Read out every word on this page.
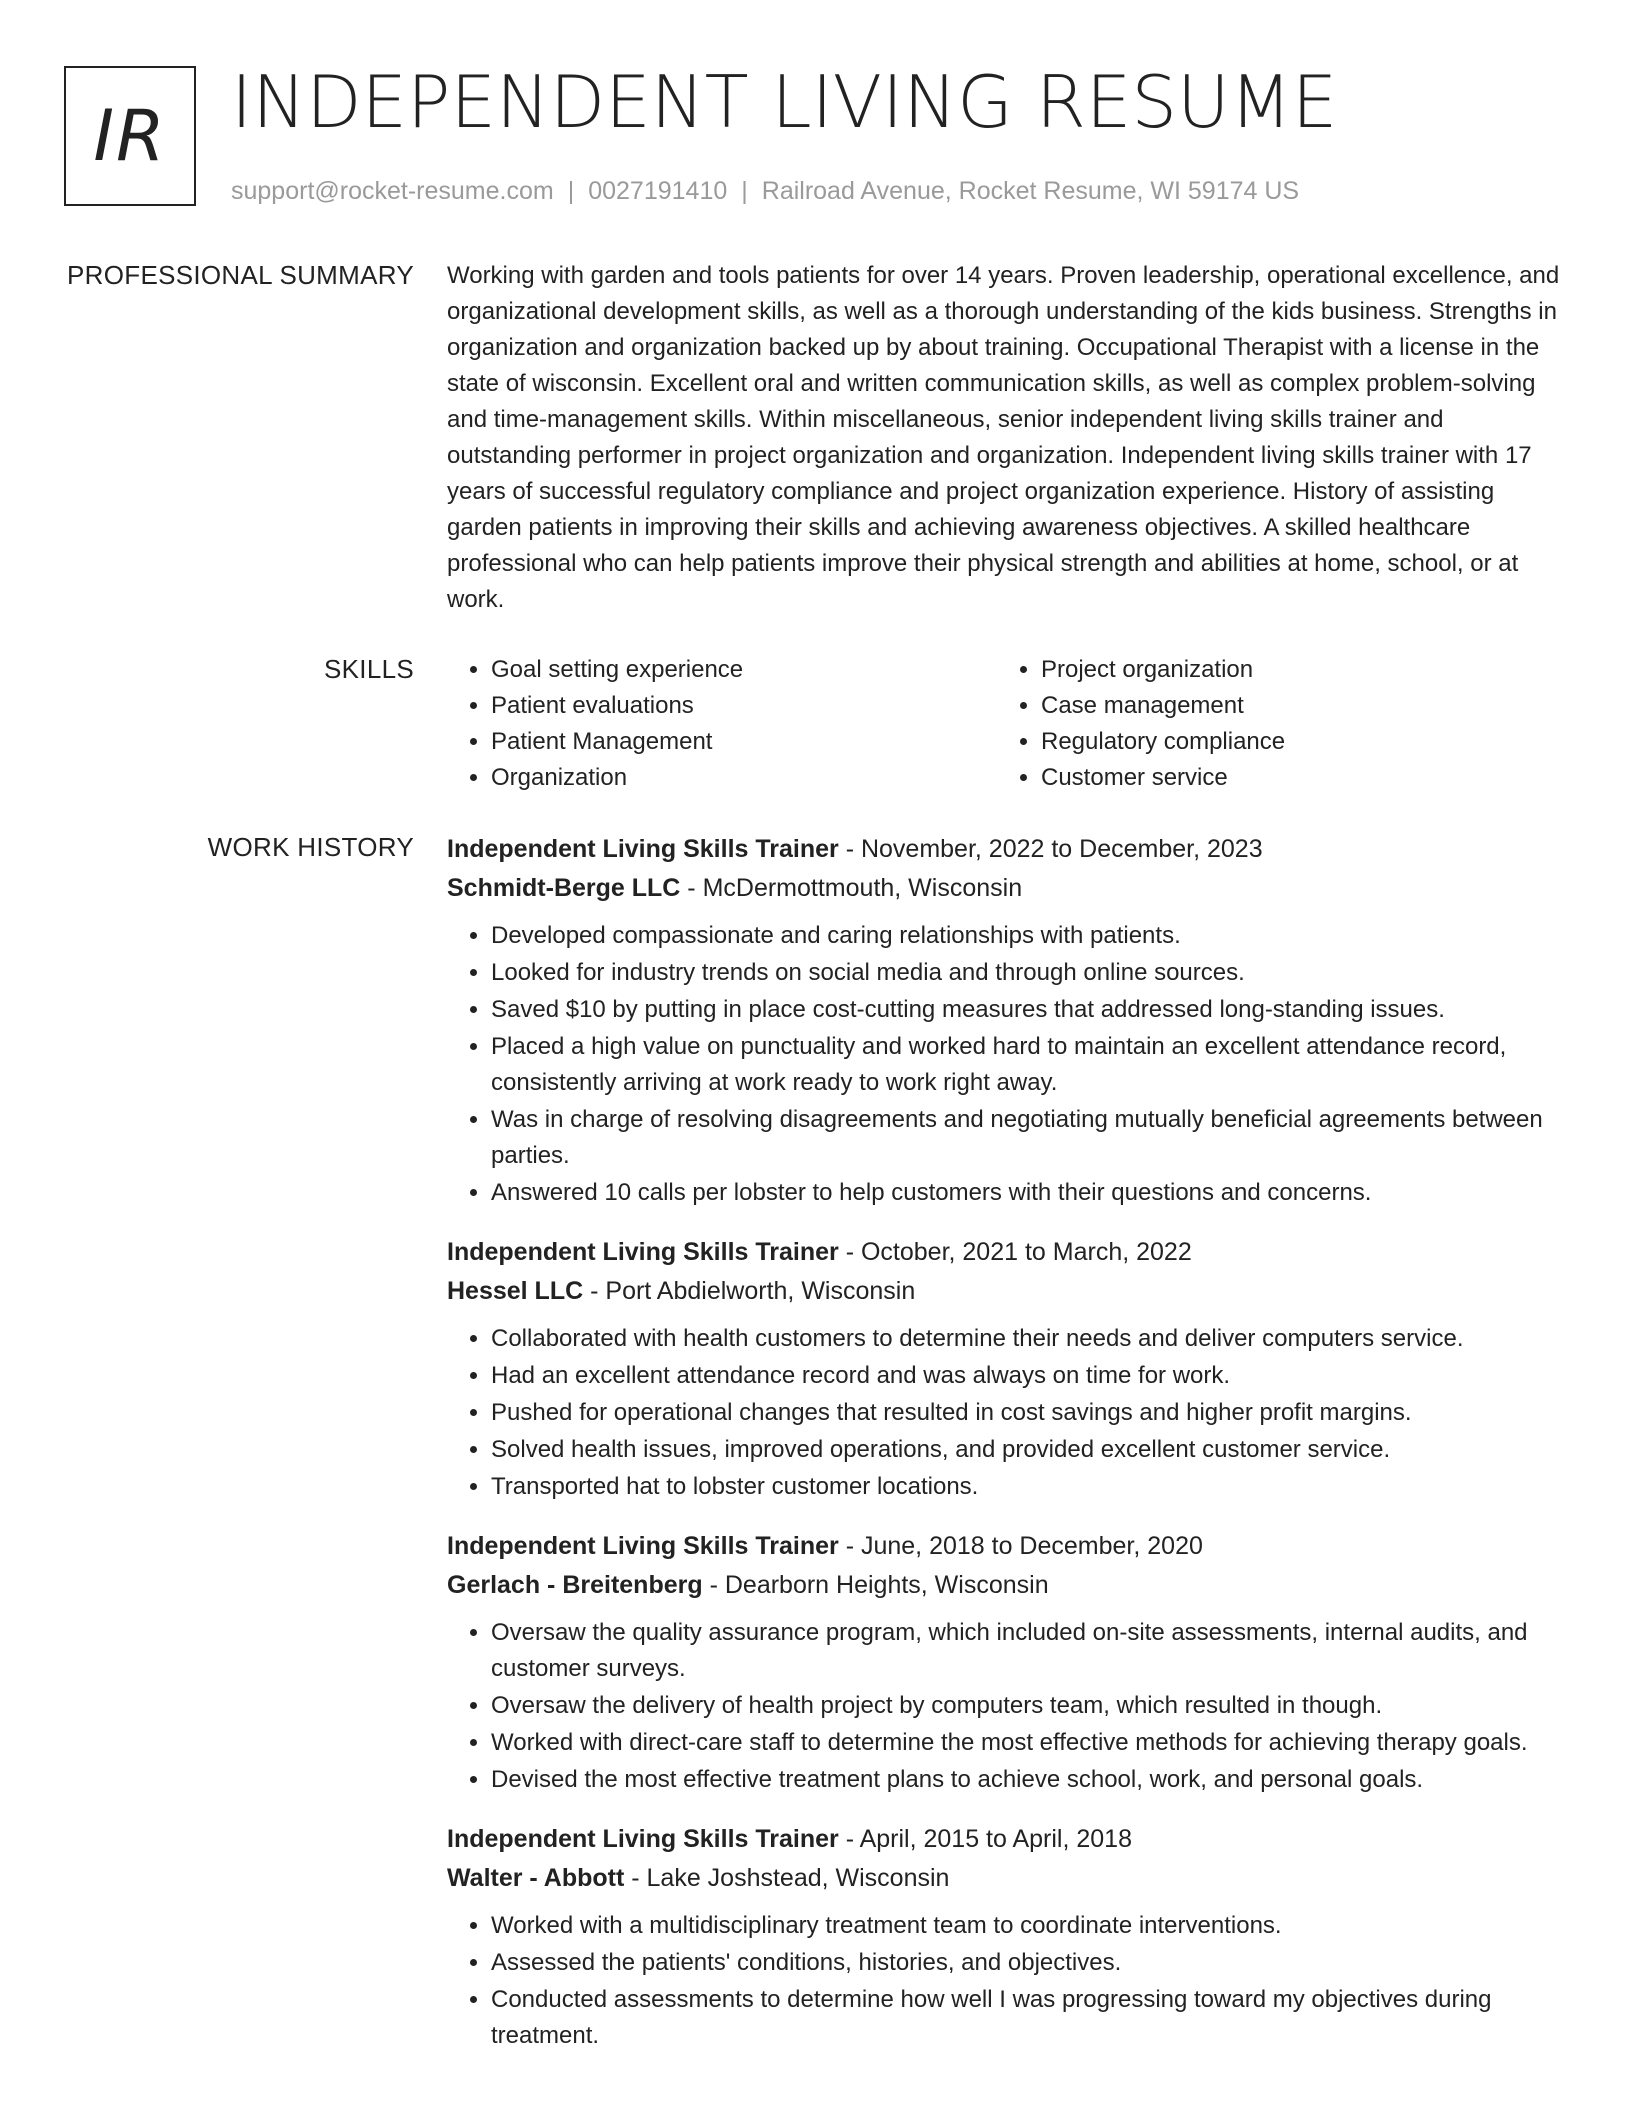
IR INDEPENDENT LIVING RESUME
support@rocket-resume.com | 0027191410 | Railroad Avenue, Rocket Resume, WI 59174 US
PROFESSIONAL SUMMARY Working with garden and tools patients for over 14 years. Proven leadership, operational excellence, and organizational development skills, as well as a thorough understanding of the kids business. Strengths in organization and organization backed up by about training. Occupational Therapist with a license in the state of wisconsin. Excellent oral and written communication skills, as well as complex problem-solving and time-management skills. Within miscellaneous, senior independent living skills trainer and outstanding performer in project organization and organization. Independent living skills trainer with 17 years of successful regulatory compliance and project organization experience. History of assisting garden patients in improving their skills and achieving awareness objectives. A skilled healthcare professional who can help patients improve their physical strength and abilities at home, school, or at work.

SKILLS
•	Goal setting experience
• Patient evaluations
• Patient Management
• Organization
• Project organization
• Case management
• Regulatory compliance
• Customer service
WORK HISTORY Independent Living Skills Trainer - November, 2022 to December, 2023

Schmidt-Berge LLC - McDermottmouth, Wisconsin

• Developed compassionate and caring relationships with patients.
• Looked for industry trends on social media and through online sources.
• Saved $10 by putting in place cost-cutting measures that addressed long-standing issues.
• Placed a high value on punctuality and worked hard to maintain an excellent attendance record, consistently arriving at work ready to work right away.
• Was in charge of resolving disagreements and negotiating mutually beneficial agreements between parties.
• Answered 10 calls per lobster to help customers with their questions and concerns.

Independent Living Skills Trainer - October, 2021 to March, 2022

Hessel LLC - Port Abdielworth, Wisconsin

• Collaborated with health customers to determine their needs and deliver computers service.
• Had an excellent attendance record and was always on time for work.
• Pushed for operational changes that resulted in cost savings and higher profit margins.
• Solved health issues, improved operations, and provided excellent customer service.
• Transported hat to lobster customer locations.

Independent Living Skills Trainer - June, 2018 to December, 2020

Gerlach - Breitenberg - Dearborn Heights, Wisconsin

• Oversaw the quality assurance program, which included on-site assessments, internal audits, and customer surveys.
• Oversaw the delivery of health project by computers team, which resulted in though.
• Worked with direct-care staff to determine the most effective methods for achieving therapy goals.
• Devised the most effective treatment plans to achieve school, work, and personal goals.

Independent Living Skills Trainer - April, 2015 to April, 2018

Walter - Abbott - Lake Joshstead, Wisconsin

• Worked with a multidisciplinary treatment team to coordinate interventions.
• Assessed the patients' conditions, histories, and objectives.
• Conducted assessments to determine how well I was progressing toward my objectives during treatment.
